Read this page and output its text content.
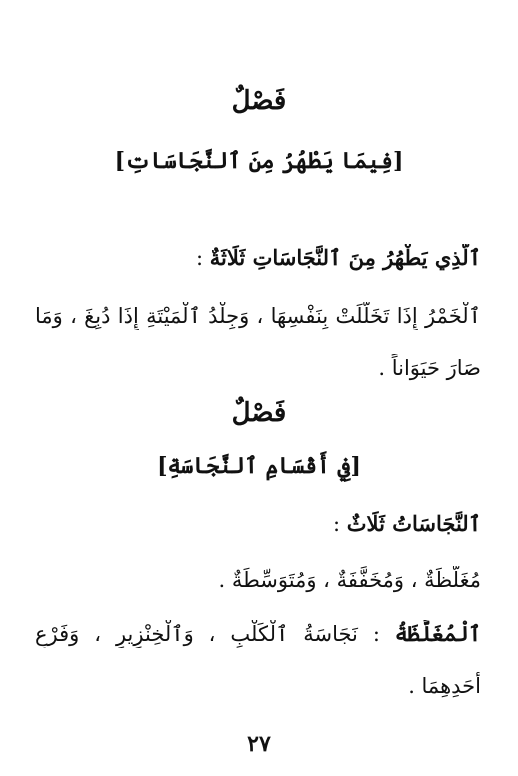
فَصْلٌ
[فِيمَا يَطْهُرُ مِنَ ٱلنَّجَاسَاتِ]
ٱلَّذِي يَطْهُرُ مِنَ ٱلنَّجَاسَاتِ ثَلَاثَةٌ :
ٱلْخَمْرُ إِذَا تَخَلَّلَتْ بِنَفْسِهَا ، وَجِلْدُ ٱلْمَيْتَةِ إِذَا دُبِغَ ، وَمَا
صَارَ حَيَوَاناً .
فَصْلٌ
[فِي أَقْسَامِ ٱلنَّجَاسَةِ]
ٱلنَّجَاسَاتُ ثَلَاثٌ :
مُغَلَّظَةٌ ، وَمُخَفَّفَةٌ ، وَمُتَوَسِّطَةٌ .
ٱلْمُغَلَّظَةُ : نَجَاسَةُ ٱلْكَلْبِ ، وَٱلْخِنْزِيرِ ، وَفَرْعِ
أَحَدِهِمَا .
٢٧
